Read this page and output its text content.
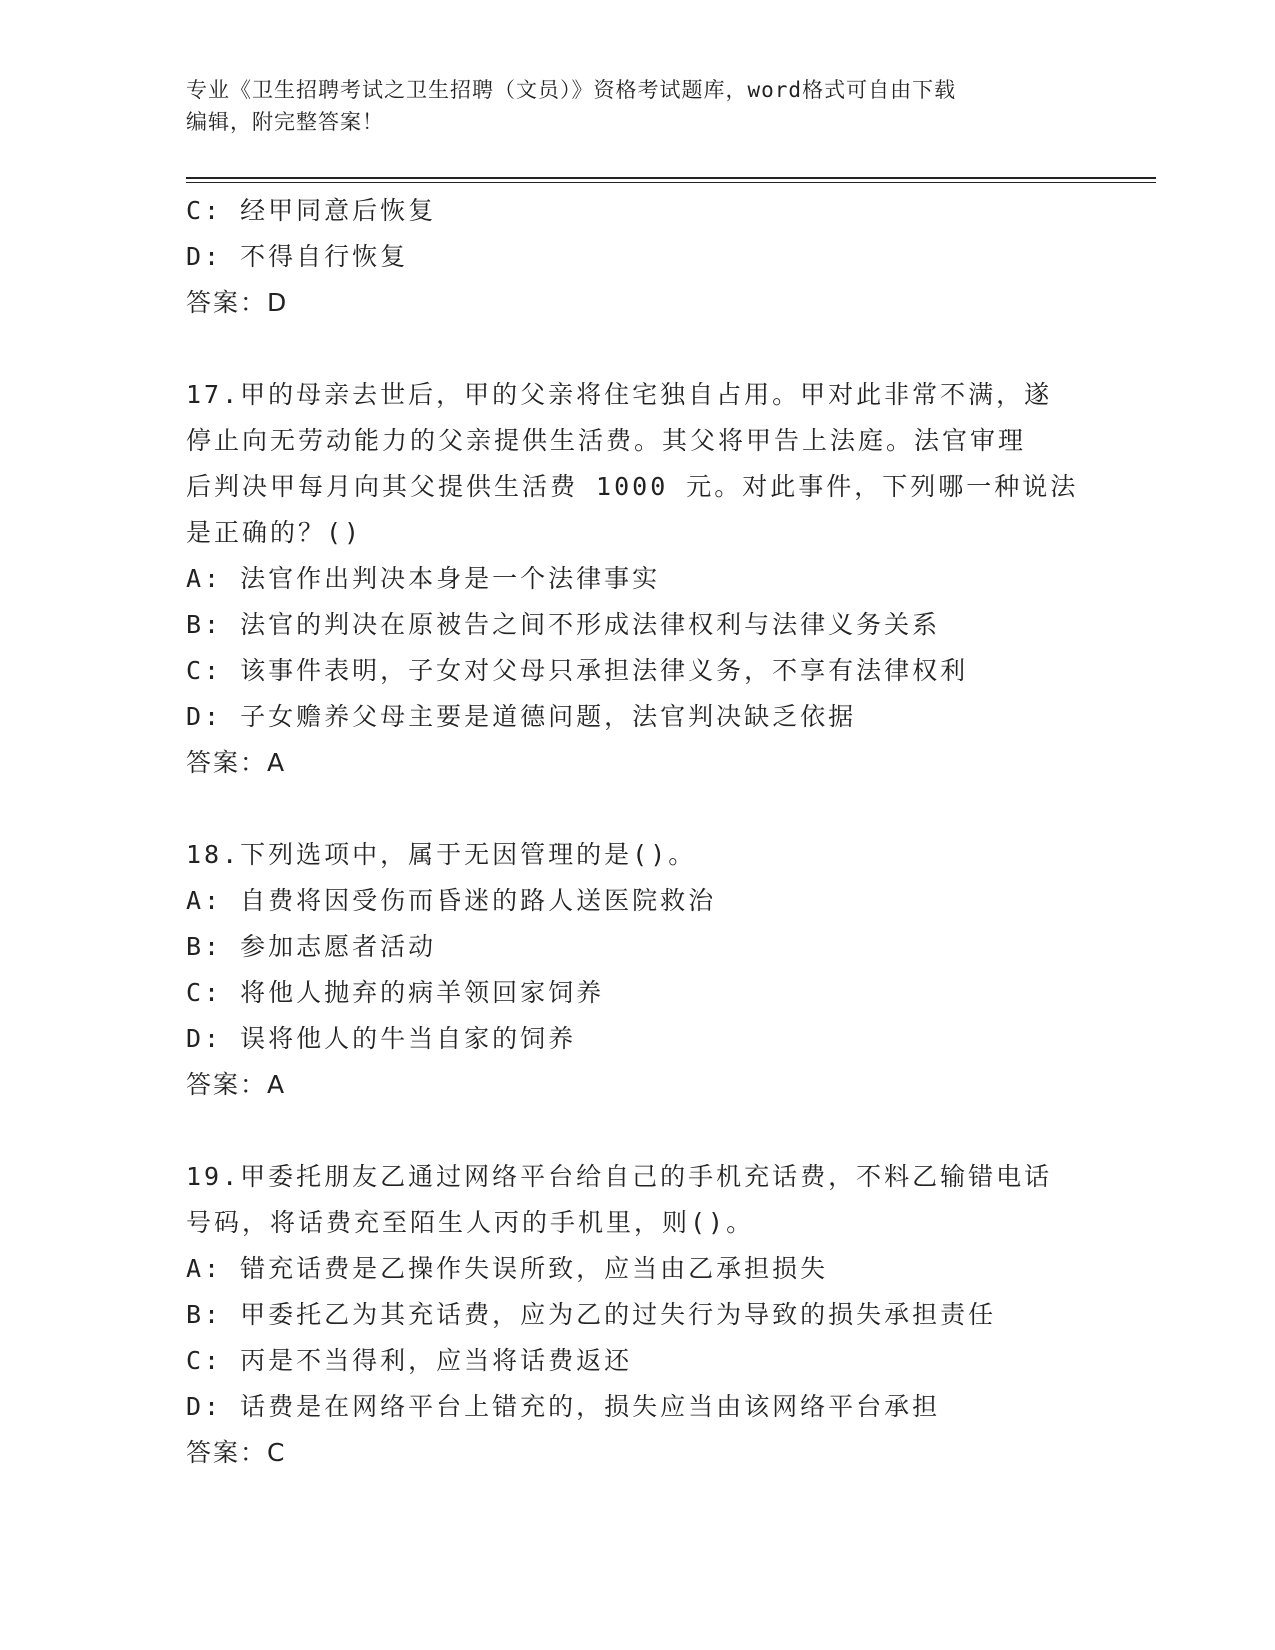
专业《卫生招聘考试之卫生招聘（文员）》资格考试题库，word格式可自由下载
编辑，附完整答案！
C: 经甲同意后恢复
D: 不得自行恢复
答案：D
17.甲的母亲去世后，甲的父亲将住宅独自占用。甲对此非常不满，遂
停止向无劳动能力的父亲提供生活费。其父将甲告上法庭。法官审理
后判决甲每月向其父提供生活费 1000 元。对此事件，下列哪一种说法
是正确的？()
A: 法官作出判决本身是一个法律事实
B: 法官的判决在原被告之间不形成法律权利与法律义务关系
C: 该事件表明，子女对父母只承担法律义务，不享有法律权利
D: 子女赡养父母主要是道德问题，法官判决缺乏依据
答案：A
18.下列选项中，属于无因管理的是()。
A: 自费将因受伤而昏迷的路人送医院救治
B: 参加志愿者活动
C: 将他人抛弃的病羊领回家饲养
D: 误将他人的牛当自家的饲养
答案：A
19.甲委托朋友乙通过网络平台给自己的手机充话费，不料乙输错电话
号码，将话费充至陌生人丙的手机里，则()。
A: 错充话费是乙操作失误所致，应当由乙承担损失
B: 甲委托乙为其充话费，应为乙的过失行为导致的损失承担责任
C: 丙是不当得利，应当将话费返还
D: 话费是在网络平台上错充的，损失应当由该网络平台承担
答案：C
